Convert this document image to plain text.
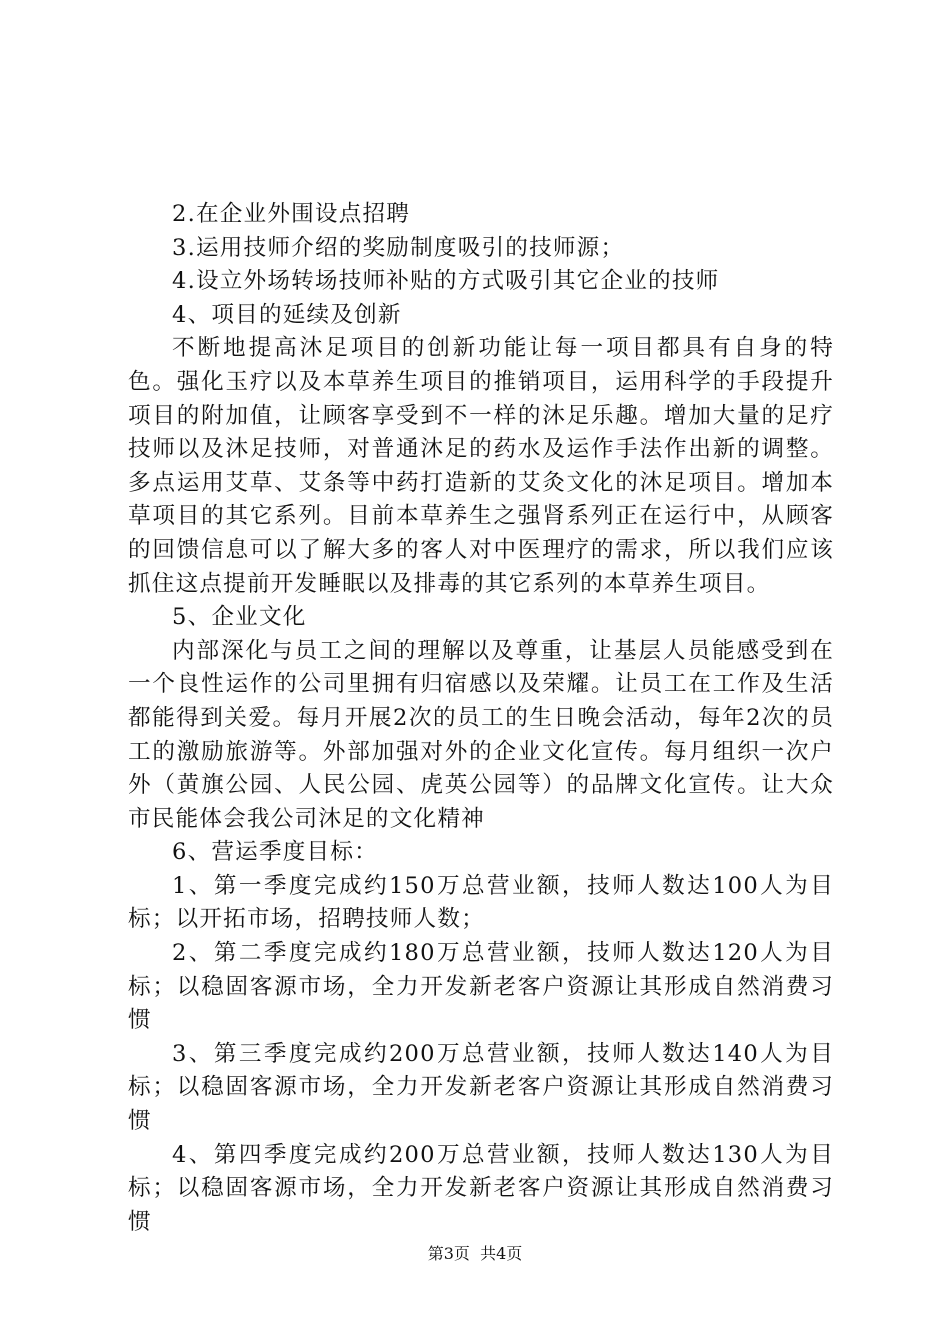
2.在企业外围设点招聘

3.运用技师介绍的奖励制度吸引的技师源；

4.设立外场转场技师补贴的方式吸引其它企业的技师

4、项目的延续及创新

不断地提高沐足项目的创新功能让每一项目都具有自身的特色。强化玉疗以及本草养生项目的推销项目，运用科学的手段提升项目的附加值，让顾客享受到不一样的沐足乐趣。增加大量的足疗技师以及沐足技师，对普通沐足的药水及运作手法作出新的调整。多点运用艾草、艾条等中药打造新的艾灸文化的沐足项目。增加本草项目的其它系列。目前本草养生之强肾系列正在运行中，从顾客的回馈信息可以了解大多的客人对中医理疗的需求，所以我们应该抓住这点提前开发睡眠以及排毒的其它系列的本草养生项目。

5、企业文化

内部深化与员工之间的理解以及尊重，让基层人员能感受到在一个良性运作的公司里拥有归宿感以及荣耀。让员工在工作及生活都能得到关爱。每月开展2次的员工的生日晚会活动，每年2次的员工的激励旅游等。外部加强对外的企业文化宣传。每月组织一次户外（黄旗公园、人民公园、虎英公园等）的品牌文化宣传。让大众市民能体会我公司沐足的文化精神

6、营运季度目标：

1、第一季度完成约150万总营业额，技师人数达100人为目标；以开拓市场，招聘技师人数；

2、第二季度完成约180万总营业额，技师人数达120人为目标；以稳固客源市场，全力开发新老客户资源让其形成自然消费习惯

3、第三季度完成约200万总营业额，技师人数达140人为目标；以稳固客源市场，全力开发新老客户资源让其形成自然消费习惯

4、第四季度完成约200万总营业额，技师人数达130人为目标；以稳固客源市场，全力开发新老客户资源让其形成自然消费习惯

第3页  共4页
